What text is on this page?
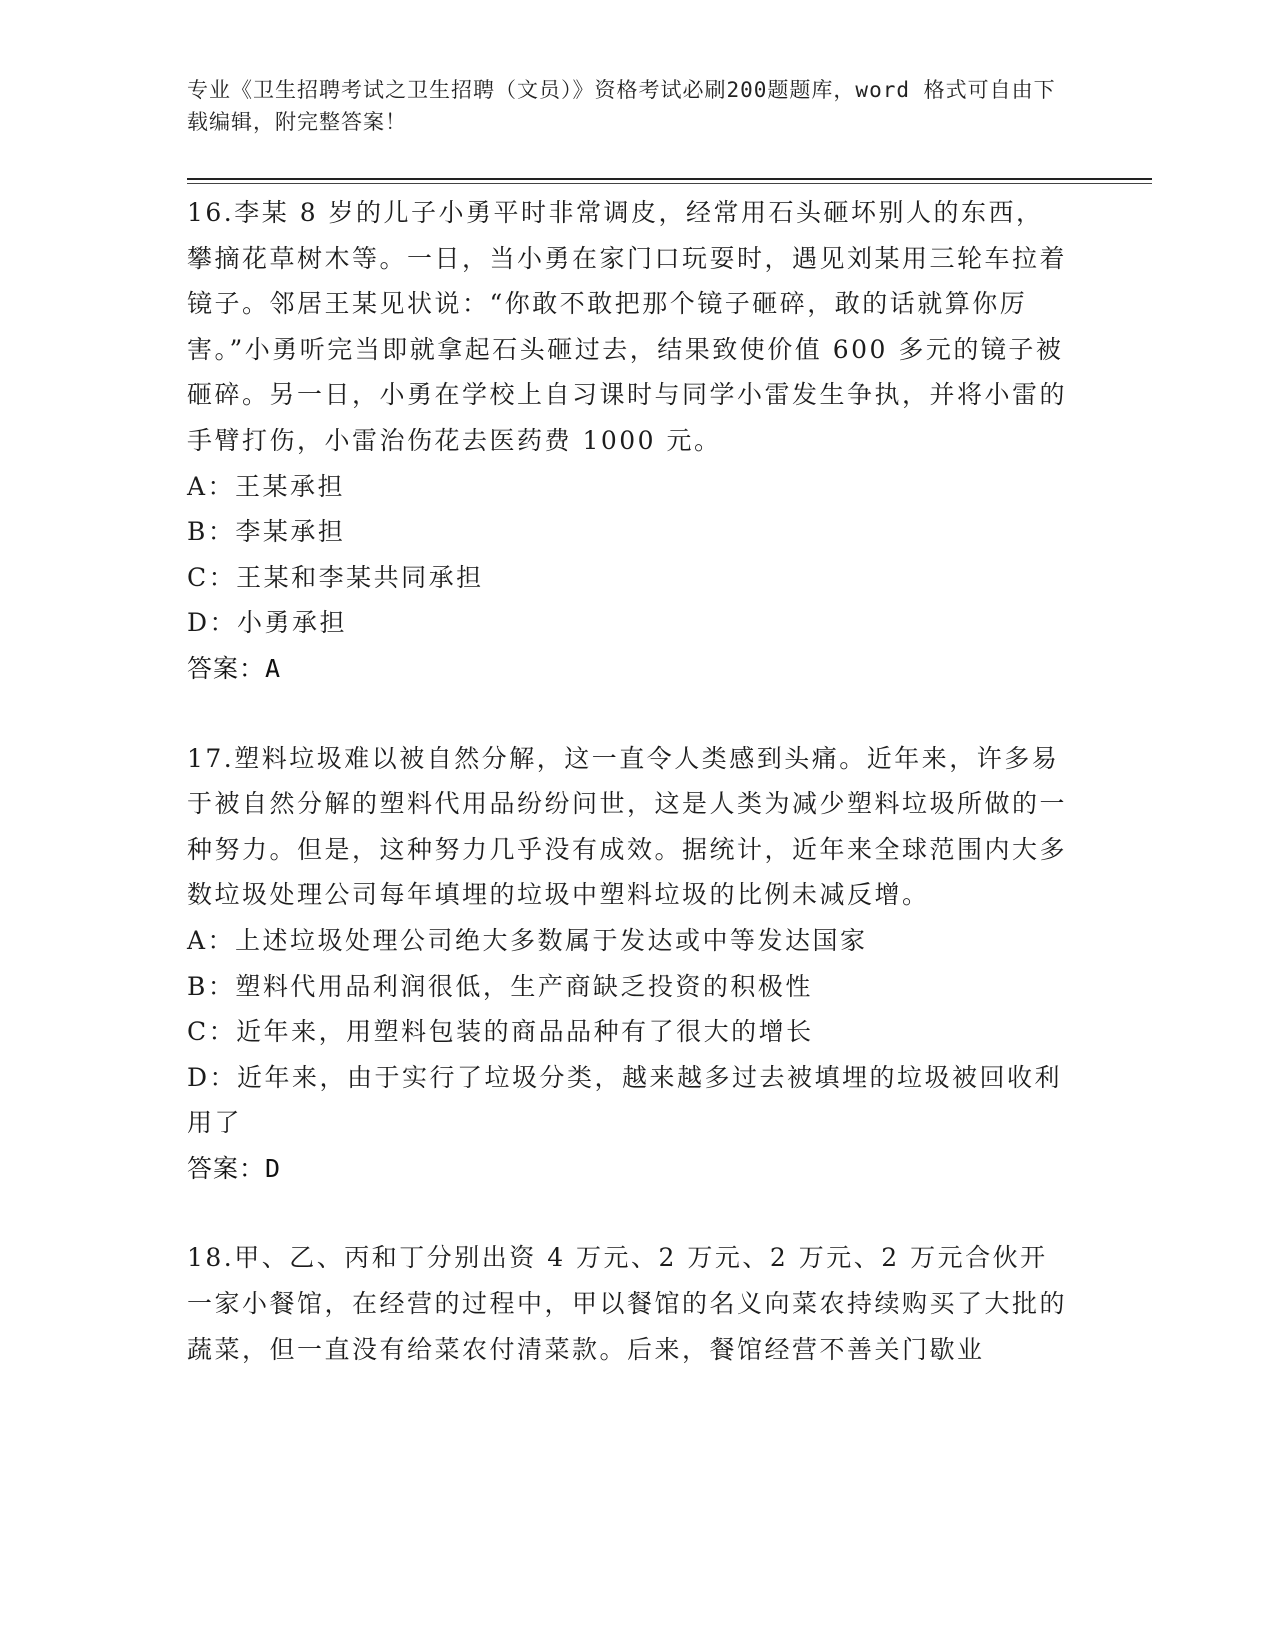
专业《卫生招聘考试之卫生招聘（文员）》资格考试必刷200题题库，word 格式可自由下载编辑，附完整答案！

16.李某 8 岁的儿子小勇平时非常调皮，经常用石头砸坏别人的东西，攀摘花草树木等。一日，当小勇在家门口玩耍时，遇见刘某用三轮车拉着镜子。邻居王某见状说：“你敢不敢把那个镜子砸碎，敢的话就算你厉害。”小勇听完当即就拿起石头砸过去，结果致使价值 600 多元的镜子被砸碎。另一日，小勇在学校上自习课时与同学小雷发生争执，并将小雷的手臂打伤，小雷治伤花去医药费 1000 元。

A：王某承担

B：李某承担

C：王某和李某共同承担

D：小勇承担

答案：A

17.塑料垃圾难以被自然分解，这一直令人类感到头痛。近年来，许多易于被自然分解的塑料代用品纷纷问世，这是人类为减少塑料垃圾所做的一种努力。但是，这种努力几乎没有成效。据统计，近年来全球范围内大多数垃圾处理公司每年填埋的垃圾中塑料垃圾的比例未减反增。

A：上述垃圾处理公司绝大多数属于发达或中等发达国家

B：塑料代用品利润很低，生产商缺乏投资的积极性

C：近年来，用塑料包装的商品品种有了很大的增长

D：近年来，由于实行了垃圾分类，越来越多过去被填埋的垃圾被回收利用了

答案：D

18.甲、乙、丙和丁分别出资 4 万元、2 万元、2 万元、2 万元合伙开一家小餐馆，在经营的过程中，甲以餐馆的名义向菜农持续购买了大批的蔬菜，但一直没有给菜农付清菜款。后来，餐馆经营不善关门歇业
